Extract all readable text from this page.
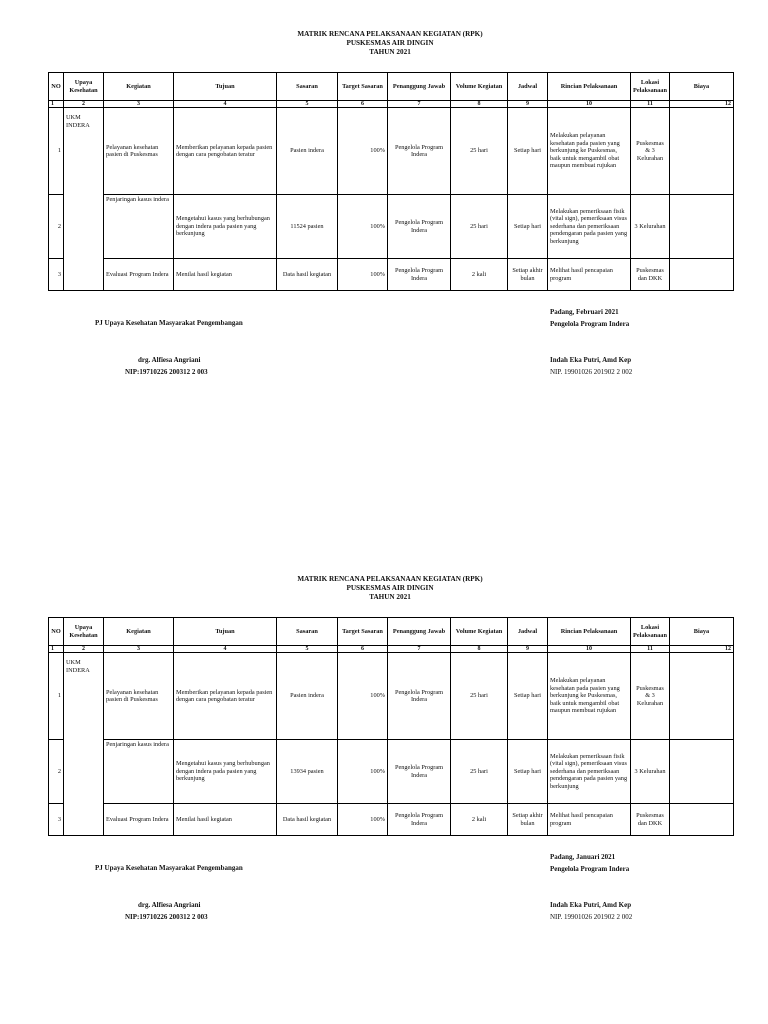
MATRIK RENCANA PELAKSANAAN KEGIATAN (RPK)
PUSKESMAS AIR DINGIN
TAHUN 2021
NO	Upaya Kesehatan	Kegiatan	Tujuan	Sasaran	Target Sasaran	Penanggung Jawab	Volume Kegiatan	Jadwal	Rincian Pelaksanaan	Lokasi Pelaksanaan	Biaya
1	2	3	4	5	6	7	8	9	10	11	12
1	UKM INDERA	Pelayanan kesehatan pasien di Puskesmas	Memberikan pelayanan kepada pasien dengan cara pengobatan teratur	Pasien indera	100%	Pengelola Program Indera	25 hari	Setiap hari	Melakukan pelayanan kesehatan pada pasien yang berkunjung ke Puskesmas, baik untuk mengambil obat maupun membuat rujukan	Puskesmas & 3 Kelurahan	
2		Penjaringan kasus indera	Mengetahui kasus yang berhubungan dengan indera pada pasien yang berkunjung	11524 pasien	100%	Pengelola Program Indera	25 hari	Setiap hari	Melakukan pemeriksaan fisik (vital sign), pemeriksaan visus sederhana dan pemeriksaan pendengaran pada pasien yang berkunjung	3 Kelurahan	
3		Evaluasi Program Indera	Menilai hasil kegiatan	Data hasil kegiatan	100%	Pengelola Program Indera	2 kali	Setiap akhir bulan	Melihat hasil pencapaian program	Puskesmas dan DKK	
Padang, Februari 2021
Pengelola Program Indera
PJ Upaya Kesehatan Masyarakat Pengembangan
drg. Alfiesa Angriani
NIP:19710226 200312 2 003
Indah Eka Putri, Amd Kep
NIP. 19901026 201902 2 002
MATRIK RENCANA PELAKSANAAN KEGIATAN (RPK)
PUSKESMAS AIR DINGIN
TAHUN 2021
NO	Upaya Kesehatan	Kegiatan	Tujuan	Sasaran	Target Sasaran	Penanggung Jawab	Volume Kegiatan	Jadwal	Rincian Pelaksanaan	Lokasi Pelaksanaan	Biaya
1	2	3	4	5	6	7	8	9	10	11	12
1	UKM INDERA	Pelayanan kesehatan pasien di Puskesmas	Memberikan pelayanan kepada pasien dengan cara pengobatan teratur	Pasien indera	100%	Pengelola Program Indera	25 hari	Setiap hari	Melakukan pelayanan kesehatan pada pasien yang berkunjung ke Puskesmas, baik untuk mengambil obat maupun membuat rujukan	Puskesmas & 3 Kelurahan	
2		Penjaringan kasus indera	Mengetahui kasus yang berhubungan dengan indera pada pasien yang berkunjung	13934 pasien	100%	Pengelola Program Indera	25 hari	Setiap hari	Melakukan pemeriksaan fisik (vital sign), pemeriksaan visus sederhana dan pemeriksaan pendengaran pada pasien yang berkunjung	3 Kelurahan	
3		Evaluasi Program Indera	Menilai hasil kegiatan	Data hasil kegiatan	100%	Pengelola Program Indera	2 kali	Setiap akhir bulan	Melihat hasil pencapaian program	Puskesmas dan DKK	
Padang, Januari 2021
Pengelola Program Indera
PJ Upaya Kesehatan Masyarakat Pengembangan
drg. Alfiesa Angriani
NIP:19710226 200312 2 003
Indah Eka Putri, Amd Kep
NIP. 19901026 201902 2 002
